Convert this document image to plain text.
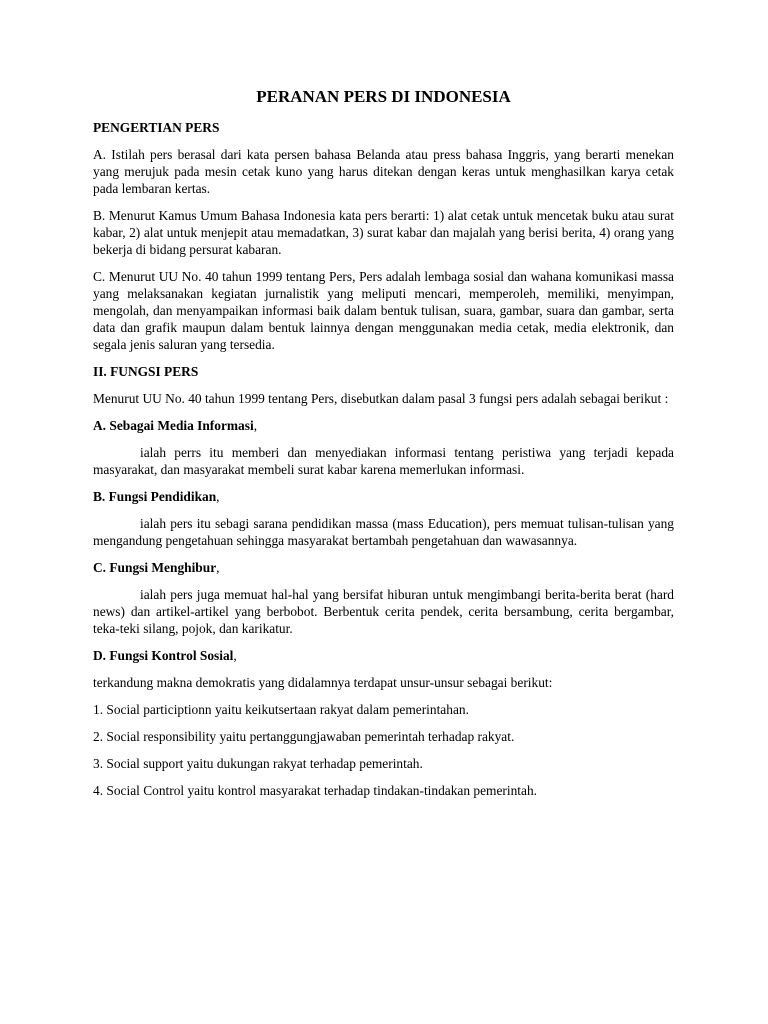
PERANAN PERS DI INDONESIA
PENGERTIAN PERS

A. Istilah pers berasal dari kata persen bahasa Belanda atau press bahasa Inggris, yang berarti menekan yang merujuk pada mesin cetak kuno yang harus ditekan dengan keras untuk menghasilkan karya cetak pada lembaran kertas.

B. Menurut Kamus Umum Bahasa Indonesia kata pers berarti: 1) alat cetak untuk mencetak buku atau surat kabar, 2) alat untuk menjepit atau memadatkan, 3) surat kabar dan majalah yang berisi berita, 4) orang yang bekerja di bidang persurat kabaran.

C. Menurut UU No. 40 tahun 1999 tentang Pers, Pers adalah lembaga sosial dan wahana komunikasi massa yang melaksanakan kegiatan jurnalistik yang meliputi mencari, memperoleh, memiliki, menyimpan, mengolah, dan menyampaikan informasi baik dalam bentuk tulisan, suara, gambar, suara dan gambar, serta data dan grafik maupun dalam bentuk lainnya dengan menggunakan media cetak, media elektronik, dan segala jenis saluran yang tersedia.

II. FUNGSI PERS

Menurut UU No. 40 tahun 1999 tentang Pers, disebutkan dalam pasal 3 fungsi pers adalah sebagai berikut :

A. Sebagai Media Informasi,

ialah perrs itu memberi dan menyediakan informasi tentang peristiwa yang terjadi kepada masyarakat, dan masyarakat membeli surat kabar karena memerlukan informasi.

B. Fungsi Pendidikan,

ialah pers itu sebagi sarana pendidikan massa (mass Education), pers memuat tulisan-tulisan yang mengandung pengetahuan sehingga masyarakat bertambah pengetahuan dan wawasannya.

C. Fungsi Menghibur,

ialah pers juga memuat hal-hal yang bersifat hiburan untuk mengimbangi berita-berita berat (hard news) dan artikel-artikel yang berbobot. Berbentuk cerita pendek, cerita bersambung, cerita bergambar, teka-teki silang, pojok, dan karikatur.

D. Fungsi Kontrol Sosial,

terkandung makna demokratis yang didalamnya terdapat unsur-unsur sebagai berikut:

1. Social participtionn yaitu keikutsertaan rakyat dalam pemerintahan.

2. Social responsibility yaitu pertanggungjawaban pemerintah terhadap rakyat.

3. Social support yaitu dukungan rakyat terhadap pemerintah.

4. Social Control yaitu kontrol masyarakat terhadap tindakan-tindakan pemerintah.
